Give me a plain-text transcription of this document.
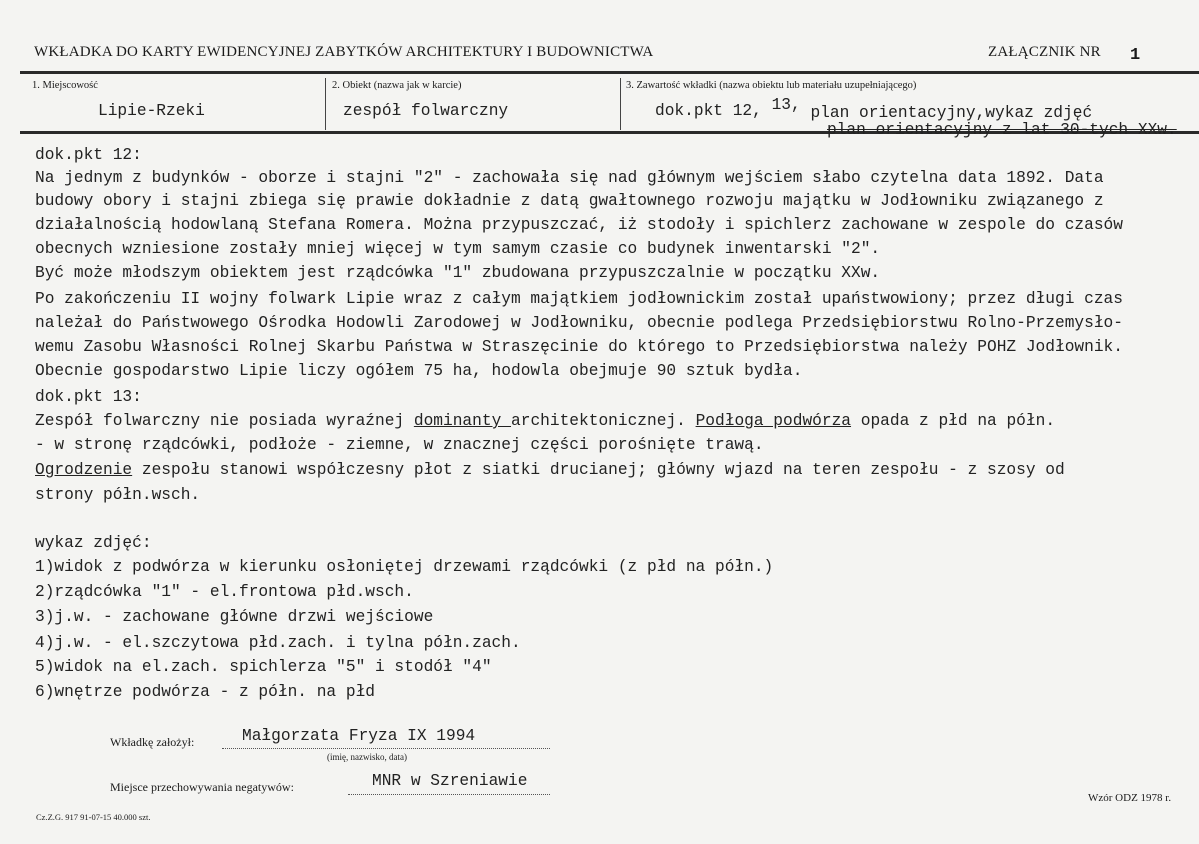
WKŁADKA DO KARTY EWIDENCYJNEJ ZABYTKÓW ARCHITEKTURY I BUDOWNICTWA	ZAŁĄCZNIK NR 1
1. Miejscowość
Lipie-Rzeki
2. Obiekt (nazwa jak w karcie)
zespół folwarczny
3. Zawartość wkładki (nazwa obiektu lub materiału uzupełniającego)
dok.pkt 12, 13, plan orientacyjny,wykaz zdjęć
plan orientacyjny z lat 30-tych XXw.
dok.pkt 12:
Na jednym z budynków - oborze i stajni "2" - zachowała się nad głównym wejściem słabo czytelna data 1892. Data
budowy obory i stajni zbiega się prawie dokładnie z datą gwałtownego rozwoju majątku w Jodłowniku związanego z
działalnością hodowlaną Stefana Romera. Można przypuszczać, iż stodoły i spichlerz zachowane w zespole do czasów
obecnych wzniesione zostały mniej więcej w tym samym czasie co budynek inwentarski "2".
Być może młodszym obiektem jest rządcówka "1" zbudowana przypuszczalnie w początku XXw.
Po zakończeniu II wojny folwark Lipie wraz z całym majątkiem jodłownickim został upaństwowiony; przez długi czas
należał do Państwowego Ośrodka Hodowli Zarodowej w Jodłowniku, obecnie podlega Przedsiębiorstwu Rolno-Przemysło-
wemu Zasobu Własności Rolnej Skarbu Państwa w Straszęcinie do którego to Przedsiębiorstwa należy POHZ Jodłownik.
Obecnie gospodarstwo Lipie liczy ogółem 75 ha, hodowla obejmuje 90 sztuk bydła.
dok.pkt 13:
Zespół folwarczny nie posiada wyraźnej dominanty architektonicznej. Podłoga podwórza opada z płd na półn.
- w stronę rządcówki, podłoże - ziemne, w znacznej części porośnięte trawą.
Ogrodzenie zespołu stanowi współczesny płot z siatki drucianej; główny wjazd na teren zespołu - z szosy od
strony półn.wsch.
wykaz zdjęć:
1)widok z podwórza w kierunku osłoniętej drzewami rządcówki (z płd na półn.)
2)rządcówka "1" - el.frontowa płd.wsch.
3)j.w. - zachowane główne drzwi wejściowe
4)j.w. - el.szczytowa płd.zach. i tylna półn.zach.
5)widok na el.zach. spichlerza "5" i stodół "4"
6)wnętrze podwórza - z półn. na płd
Wkładkę założył:	Małgorzata Fryza IX 1994
(imię, nazwisko, data)
Miejsce przechowywania negatywów:	MNR w Szreniawie
Wzór ODZ 1978 r.
Cz.Z.G. 917 91-07-15 40.000 szt.
